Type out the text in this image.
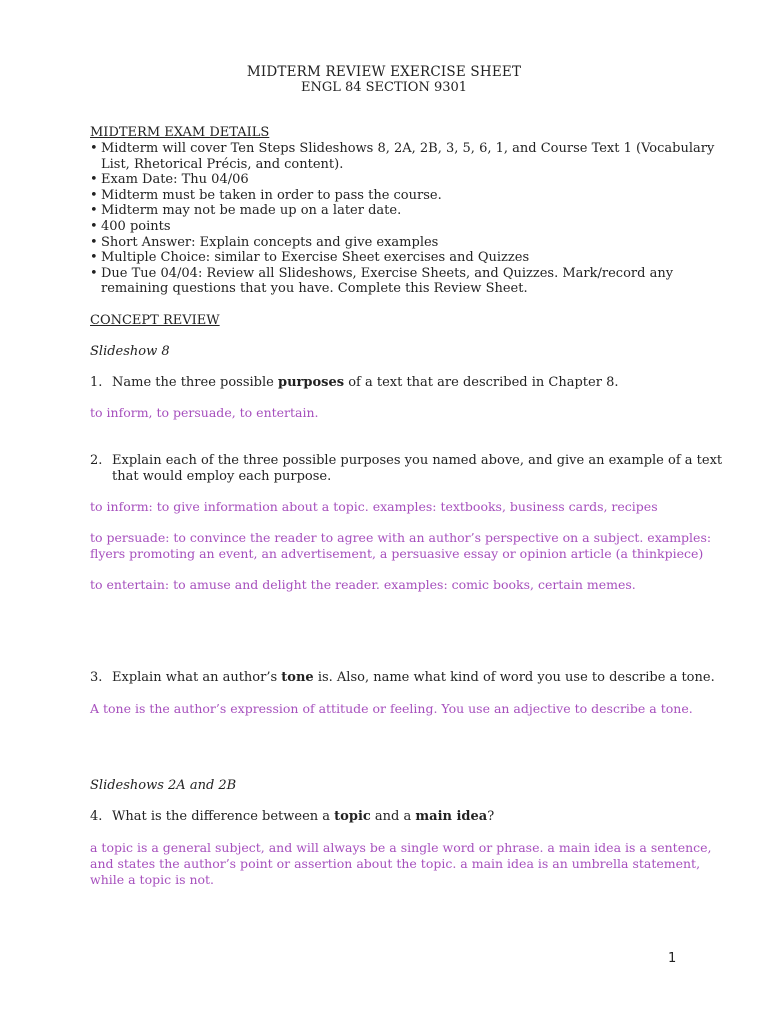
MIDTERM REVIEW EXERCISE SHEET
ENGL 84 SECTION 9301
MIDTERM EXAM DETAILS
• Midterm will cover Ten Steps Slideshows 8, 2A, 2B, 3, 5, 6, 1, and Course Text 1 (Vocabulary
List, Rhetorical Précis, and content).
• Exam Date: Thu 04/06
• Midterm must be taken in order to pass the course.
• Midterm may not be made up on a later date.
• 400 points
• Short Answer: Explain concepts and give examples
• Multiple Choice: similar to Exercise Sheet exercises and Quizzes
• Due Tue 04/04: Review all Slideshows, Exercise Sheets, and Quizzes. Mark/record any
remaining questions that you have. Complete this Review Sheet.
CONCEPT REVIEW
Slideshow 8
1. Name the three possible purposes of a text that are described in Chapter 8.
to inform, to persuade, to entertain.
2. Explain each of the three possible purposes you named above, and give an example of a text
that would employ each purpose.
to inform: to give information about a topic. examples: textbooks, business cards, recipes
to persuade: to convince the reader to agree with an author’s perspective on a subject. examples:
flyers promoting an event, an advertisement, a persuasive essay or opinion article (a thinkpiece)
to entertain: to amuse and delight the reader. examples: comic books, certain memes.
3. Explain what an author’s tone is. Also, name what kind of word you use to describe a tone.
A tone is the author’s expression of attitude or feeling. You use an adjective to describe a tone.
Slideshows 2A and 2B
4. What is the difference between a topic and a main idea?
a topic is a general subject, and will always be a single word or phrase. a main idea is a sentence,
and states the author’s point or assertion about the topic. a main idea is an umbrella statement,
while a topic is not.
1
